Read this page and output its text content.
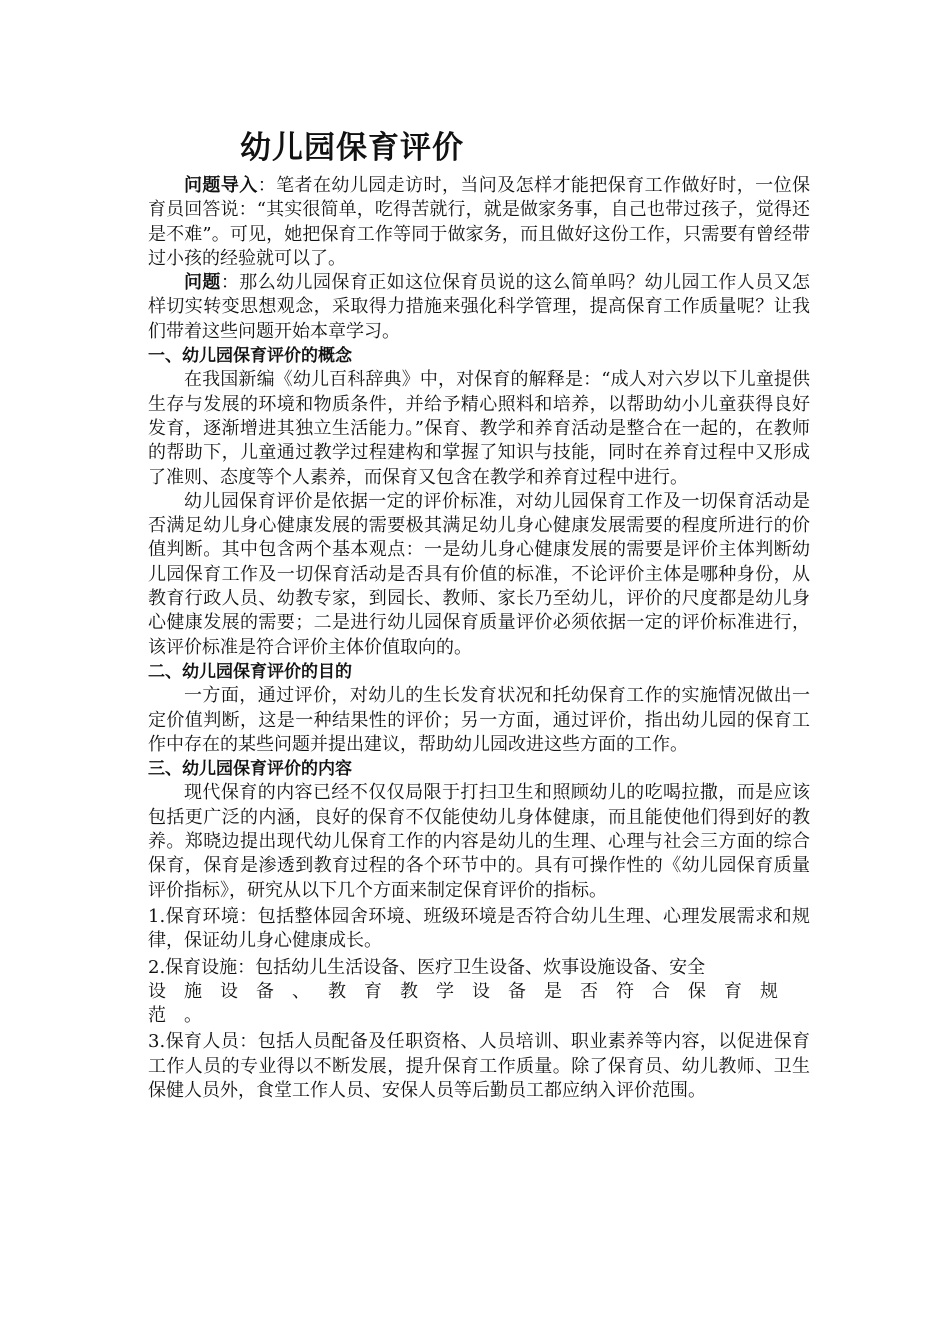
幼儿园保育评价

问题导入：笔者在幼儿园走访时，当问及怎样才能把保育工作做好时，一位保育员回答说：“其实很简单，吃得苦就行，就是做家务事，自己也带过孩子，觉得还是不难”。可见，她把保育工作等同于做家务，而且做好这份工作，只需要有曾经带过小孩的经验就可以了。

问题：那么幼儿园保育正如这位保育员说的这么简单吗？幼儿园工作人员又怎样切实转变思想观念，采取得力措施来强化科学管理，提高保育工作质量呢？让我们带着这些问题开始本章学习。

一、幼儿园保育评价的概念

在我国新编《幼儿百科辞典》中，对保育的解释是：“成人对六岁以下儿童提供生存与发展的环境和物质条件，并给予精心照料和培养，以帮助幼小儿童获得良好发育，逐渐增进其独立生活能力。”保育、教学和养育活动是整合在一起的，在教师的帮助下，儿童通过教学过程建构和掌握了知识与技能，同时在养育过程中又形成了准则、态度等个人素养，而保育又包含在教学和养育过程中进行。

幼儿园保育评价是依据一定的评价标准，对幼儿园保育工作及一切保育活动是否满足幼儿身心健康发展的需要极其满足幼儿身心健康发展需要的程度所进行的价值判断。其中包含两个基本观点：一是幼儿身心健康发展的需要是评价主体判断幼儿园保育工作及一切保育活动是否具有价值的标准，不论评价主体是哪种身份，从教育行政人员、幼教专家，到园长、教师、家长乃至幼儿，评价的尺度都是幼儿身心健康发展的需要；二是进行幼儿园保育质量评价必须依据一定的评价标准进行，该评价标准是符合评价主体价值取向的。

二、幼儿园保育评价的目的

一方面，通过评价，对幼儿的生长发育状况和托幼保育工作的实施情况做出一定价值判断，这是一种结果性的评价；另一方面，通过评价，指出幼儿园的保育工作中存在的某些问题并提出建议，帮助幼儿园改进这些方面的工作。

三、幼儿园保育评价的内容

现代保育的内容已经不仅仅局限于打扫卫生和照顾幼儿的吃喝拉撒，而是应该包括更广泛的内涵，良好的保育不仅能使幼儿身体健康，而且能使他们得到好的教养。郑晓边提出现代幼儿保育工作的内容是幼儿的生理、心理与社会三方面的综合保育，保育是渗透到教育过程的各个环节中的。具有可操作性的《幼儿园保育质量评价指标》，研究从以下几个方面来制定保育评价的指标。

1.保育环境：包括整体园舍环境、班级环境是否符合幼儿生理、心理发展需求和规律，保证幼儿身心健康成长。

2.保育设施：包括幼儿生活设备、医疗卫生设备、炊事设施设备、安全

设施设备、教育教学设备是否符合保育规范。

3.保育人员：包括人员配备及任职资格、人员培训、职业素养等内容，以促进保育工作人员的专业得以不断发展，提升保育工作质量。除了保育员、幼儿教师、卫生保健人员外，食堂工作人员、安保人员等后勤员工都应纳入评价范围。
